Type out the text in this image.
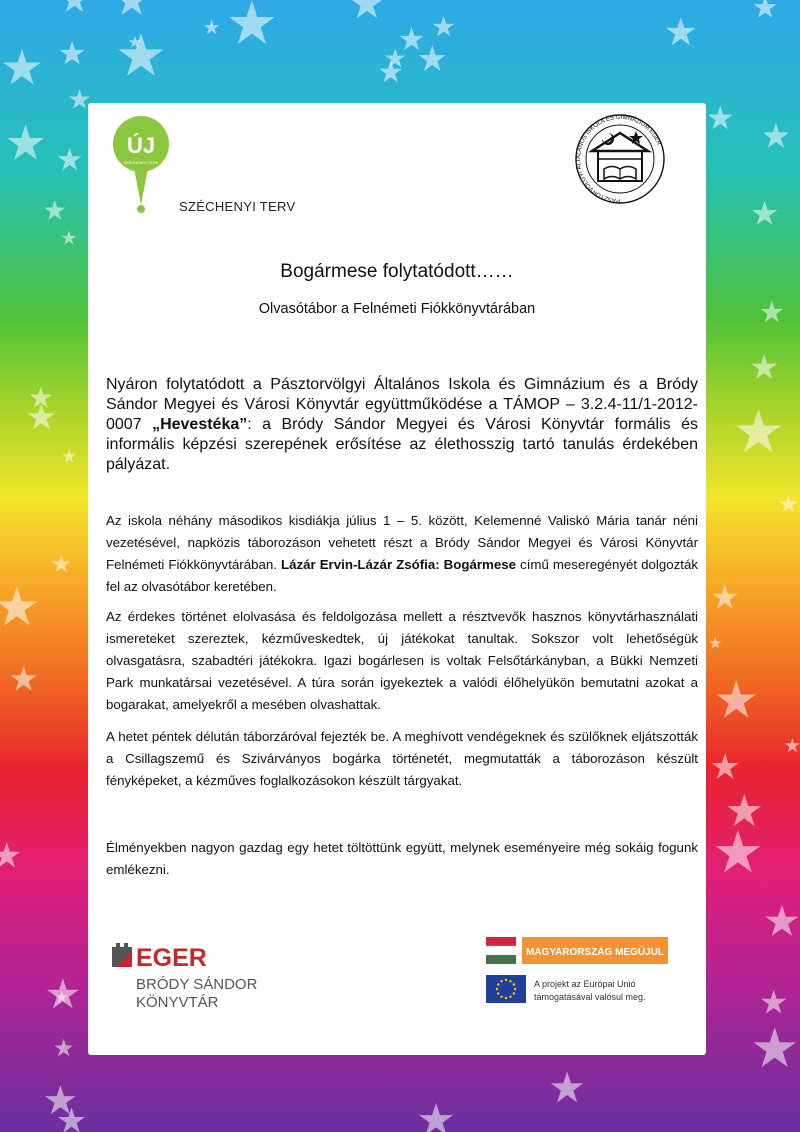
ÚJ
SZÉCHENYI TERV
SZÉCHENYI TERV	PÁSZTORVÖLGYI ÁLTALÁNOS ISKOLA ÉS GIMNÁZIUM EGER
Bogármese folytatódott……
Olvasótábor a Felnémeti Fiókkönyvtárában
Nyáron folytatódott a Pásztorvölgyi Általános Iskola és Gimnázium és a Bródy Sándor Megyei és Városi Könyvtár együttműködése a TÁMOP – 3.2.4-11/1-2012-0007 „Hevestéka”: a Bródy Sándor Megyei és Városi Könyvtár formális és informális képzési szerepének erősítése az élethosszig tartó tanulás érdekében pályázat.
Az iskola néhány másodikos kisdiákja július 1 – 5. között, Kelemenné Valiskó Mária tanár néni vezetésével, napközis táborozáson vehetett részt a Bródy Sándor Megyei és Városi Könyvtár Felnémeti Fiókkönyvtárában. Lázár Ervin-Lázár Zsófia: Bogármese című meseregényét dolgozták fel az olvasótábor keretében.
Az érdekes történet elolvasása és feldolgozása mellett a résztvevők hasznos könyvtárhasználati ismereteket szereztek, kézműveskedtek, új játékokat tanultak. Sokszor volt lehetőségük olvasgatásra, szabadtéri játékokra. Igazi bogárlesen is voltak Felsőtárkányban, a Bükki Nemzeti Park munkatársai vezetésével. A túra során igyekeztek a valódi élőhelyükön bemutatni azokat a bogarakat, amelyekről a mesében olvashattak.
A hetet péntek délután táborzáróval fejezték be. A meghívott vendégeknek és szülőknek eljátszották a Csillagszemű és Szivárványos bogárka történetét, megmutatták a táborozáson készült fényképeket, a kézműves foglalkozásokon készült tárgyakat.
Élményekben nagyon gazdag egy hetet töltöttünk együtt, melynek eseményeire még sokáig fogunk emlékezni.
EGER
BRÓDY SÁNDOR
KÖNYVTÁR
MAGYARORSZÁG MEGÚJUL
A projekt az Európai Unió
támogatásával valósul meg.
